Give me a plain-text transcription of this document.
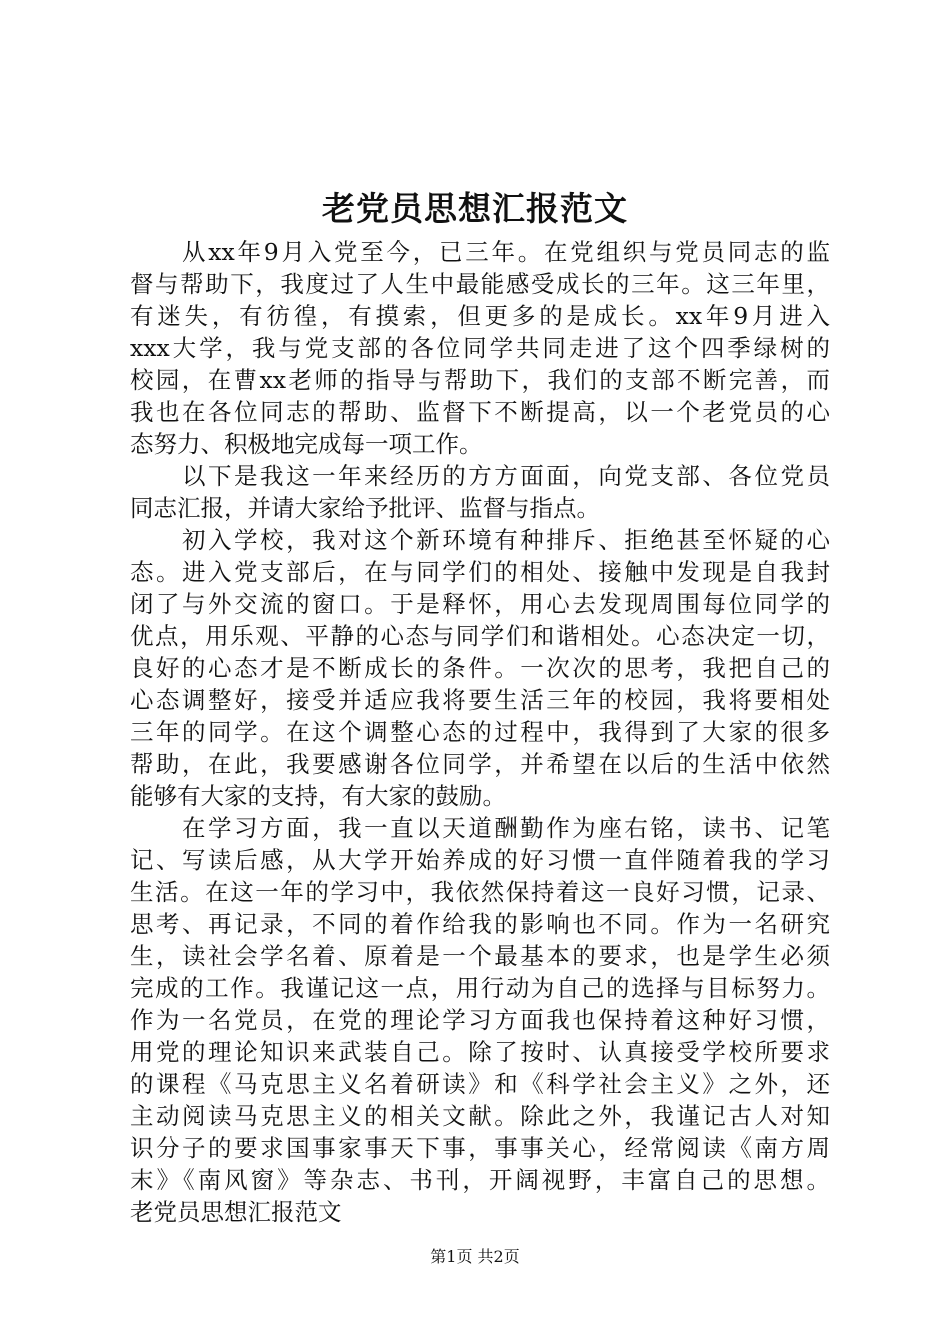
老党员思想汇报范文
从xx年9月入党至今，已三年。在党组织与党员同志的监
督与帮助下，我度过了人生中最能感受成长的三年。这三年里，
有迷失，有彷徨，有摸索，但更多的是成长。xx年9月进入
xxx大学，我与党支部的各位同学共同走进了这个四季绿树的
校园，在曹xx老师的指导与帮助下，我们的支部不断完善，而
我也在各位同志的帮助、监督下不断提高，以一个老党员的心
态努力、积极地完成每一项工作。
以下是我这一年来经历的方方面面，向党支部、各位党员
同志汇报，并请大家给予批评、监督与指点。
初入学校，我对这个新环境有种排斥、拒绝甚至怀疑的心
态。进入党支部后，在与同学们的相处、接触中发现是自我封
闭了与外交流的窗口。于是释怀，用心去发现周围每位同学的
优点，用乐观、平静的心态与同学们和谐相处。心态决定一切，
良好的心态才是不断成长的条件。一次次的思考，我把自己的
心态调整好，接受并适应我将要生活三年的校园，我将要相处
三年的同学。在这个调整心态的过程中，我得到了大家的很多
帮助，在此，我要感谢各位同学，并希望在以后的生活中依然
能够有大家的支持，有大家的鼓励。
在学习方面，我一直以天道酬勤作为座右铭，读书、记笔
记、写读后感，从大学开始养成的好习惯一直伴随着我的学习
生活。在这一年的学习中，我依然保持着这一良好习惯，记录、
思考、再记录，不同的着作给我的影响也不同。作为一名研究
生，读社会学名着、原着是一个最基本的要求，也是学生必须
完成的工作。我谨记这一点，用行动为自己的选择与目标努力。
作为一名党员，在党的理论学习方面我也保持着这种好习惯，
用党的理论知识来武装自己。除了按时、认真接受学校所要求
的课程《马克思主义名着研读》和《科学社会主义》之外，还
主动阅读马克思主义的相关文献。除此之外，我谨记古人对知
识分子的要求国事家事天下事，事事关心，经常阅读《南方周
末》《南风窗》等杂志、书刊，开阔视野，丰富自己的思想。
老党员思想汇报范文
第1页 共2页
